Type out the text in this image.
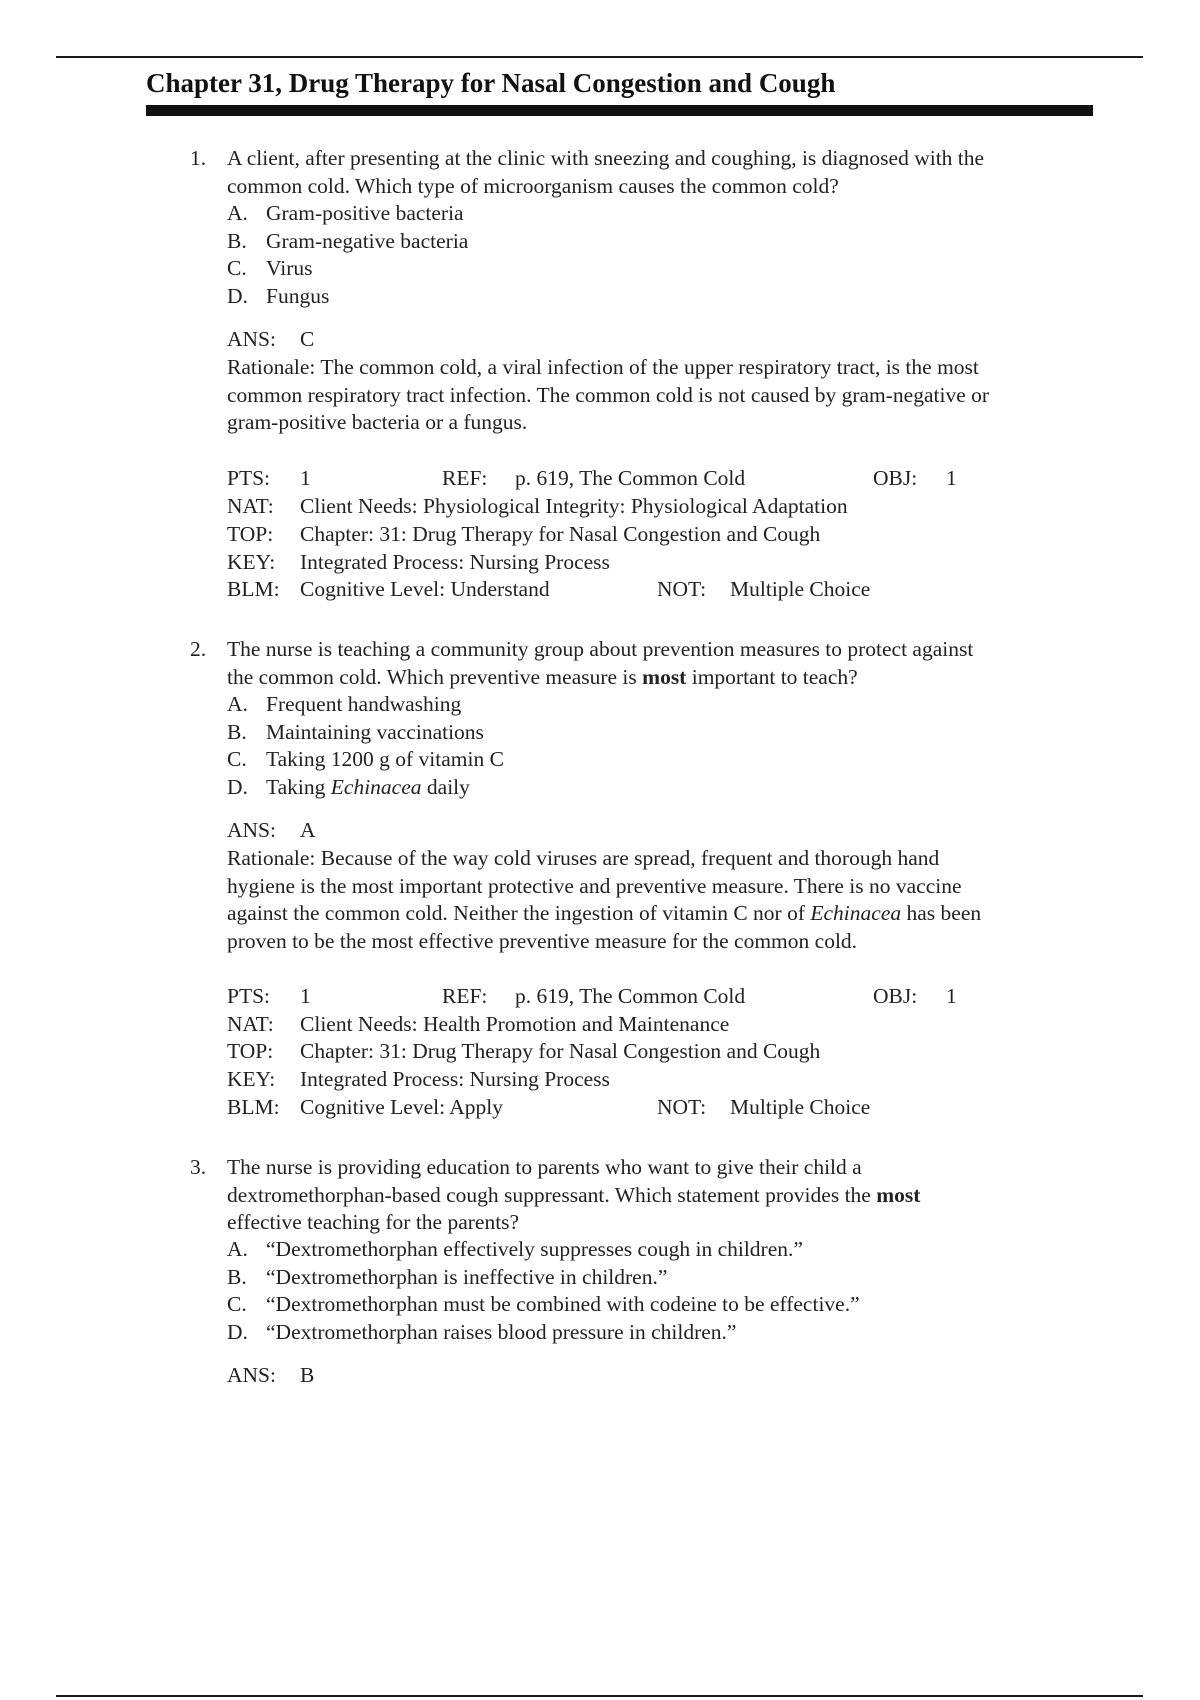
Chapter 31, Drug Therapy for Nasal Congestion and Cough
1. A client, after presenting at the clinic with sneezing and coughing, is diagnosed with the
common cold. Which type of microorganism causes the common cold?

A. Gram-positive bacteria
B. Gram-negative bacteria
C. Virus
D. Fungus

ANS: C

Rationale: The common cold, a viral infection of the upper respiratory tract, is the most
common respiratory tract infection. The common cold is not caused by gram-negative or
gram-positive bacteria or a fungus.

PTS: 1	REF: p. 619, The Common Cold	OBJ: 1
NAT: Client Needs: Physiological Integrity: Physiological Adaptation
TOP: Chapter: 31: Drug Therapy for Nasal Congestion and Cough
KEY: Integrated Process: Nursing Process
BLM: Cognitive Level: Understand	NOT: Multiple Choice
2. The nurse is teaching a community group about prevention measures to protect against
the common cold. Which preventive measure is most important to teach?

A. Frequent handwashing
B. Maintaining vaccinations
C. Taking 1200 g of vitamin C
D. Taking Echinacea daily

ANS: A

Rationale: Because of the way cold viruses are spread, frequent and thorough hand
hygiene is the most important protective and preventive measure. There is no vaccine
against the common cold. Neither the ingestion of vitamin C nor of Echinacea has been
proven to be the most effective preventive measure for the common cold.

PTS: 1	REF: p. 619, The Common Cold	OBJ: 1
NAT: Client Needs: Health Promotion and Maintenance
TOP: Chapter: 31: Drug Therapy for Nasal Congestion and Cough
KEY: Integrated Process: Nursing Process
BLM: Cognitive Level: Apply	NOT: Multiple Choice
3. The nurse is providing education to parents who want to give their child a
dextromethorphan-based cough suppressant. Which statement provides the most
effective teaching for the parents?

A. “Dextromethorphan effectively suppresses cough in children.”
B. “Dextromethorphan is ineffective in children.”
C. “Dextromethorphan must be combined with codeine to be effective.”
D. “Dextromethorphan raises blood pressure in children.”

ANS: B
